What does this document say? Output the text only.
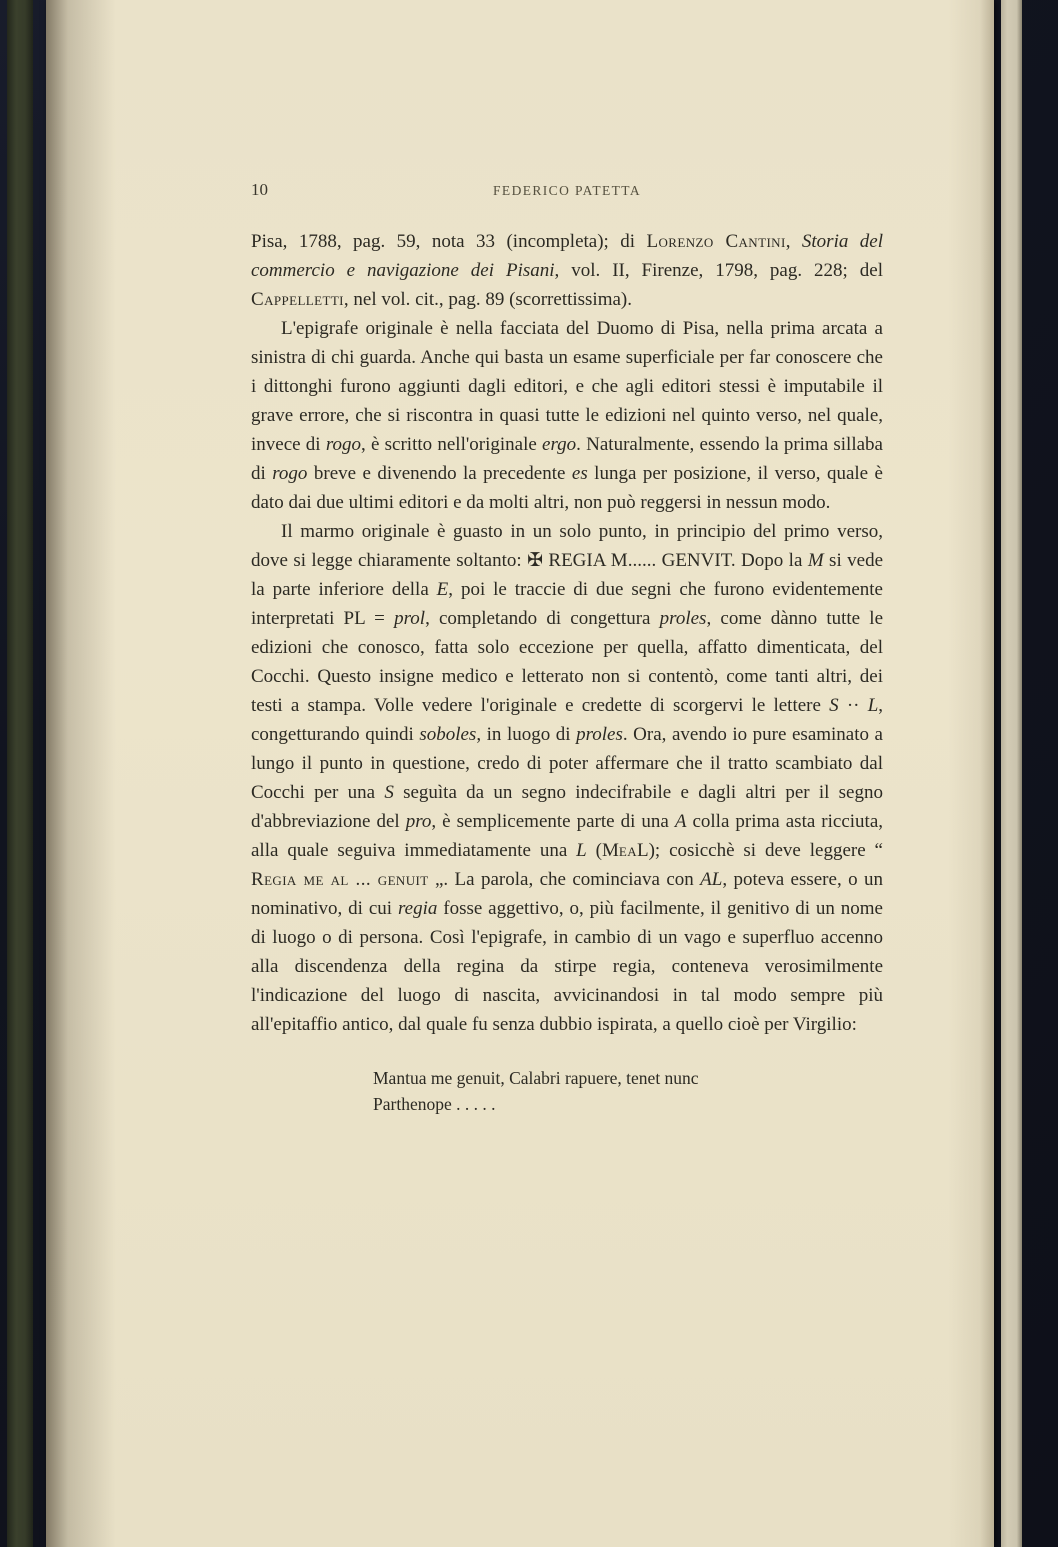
10	FEDERICO PATETTA

Pisa, 1788, pag. 59, nota 33 (incompleta); di Lorenzo Cantini, Storia del commercio e navigazione dei Pisani, vol. II, Firenze, 1798, pag. 228; del Cappelletti, nel vol. cit., pag. 89 (scorrettissima).

L'epigrafe originale è nella facciata del Duomo di Pisa, nella prima arcata a sinistra di chi guarda. Anche qui basta un esame superficiale per far conoscere che i dittonghi furono aggiunti dagli editori, e che agli editori stessi è imputabile il grave errore, che si riscontra in quasi tutte le edizioni nel quinto verso, nel quale, invece di rogo, è scritto nell'originale ergo. Naturalmente, essendo la prima sillaba di rogo breve e divenendo la precedente es lunga per posizione, il verso, quale è dato dai due ultimi editori e da molti altri, non può reggersi in nessun modo.

Il marmo originale è guasto in un solo punto, in principio del primo verso, dove si legge chiaramente soltanto: ✠ REGIA M...... GENVIT. Dopo la M si vede la parte inferiore della E, poi le traccie di due segni che furono evidentemente interpretati PL = prol, completando di congettura proles, come dànno tutte le edizioni che conosco, fatta solo eccezione per quella, affatto dimenticata, del Cocchi. Questo insigne medico e letterato non si contentò, come tanti altri, dei testi a stampa. Volle vedere l'originale e credette di scorgervi le lettere S ·· L, congetturando quindi soboles, in luogo di proles. Ora, avendo io pure esaminato a lungo il punto in questione, credo di poter affermare che il tratto scambiato dal Cocchi per una S seguìta da un segno indecifrabile e dagli altri per il segno d'abbreviazione del pro, è semplicemente parte di una A colla prima asta ricciuta, alla quale seguiva immediatamente una L (MeaL); cosicchè si deve leggere “ Regia me al ... genuit „. La parola, che cominciava con AL, poteva essere, o un nominativo, di cui regia fosse aggettivo, o, più facilmente, il genitivo di un nome di luogo o di persona. Così l'epigrafe, in cambio di un vago e superfluo accenno alla discendenza della regina da stirpe regia, conteneva verosimilmente l'indicazione del luogo di nascita, avvicinandosi in tal modo sempre più all'epitaffio antico, dal quale fu senza dubbio ispirata, a quello cioè per Virgilio:

Mantua me genuit, Calabri rapuere, tenet nunc
Parthenope . . . . .
